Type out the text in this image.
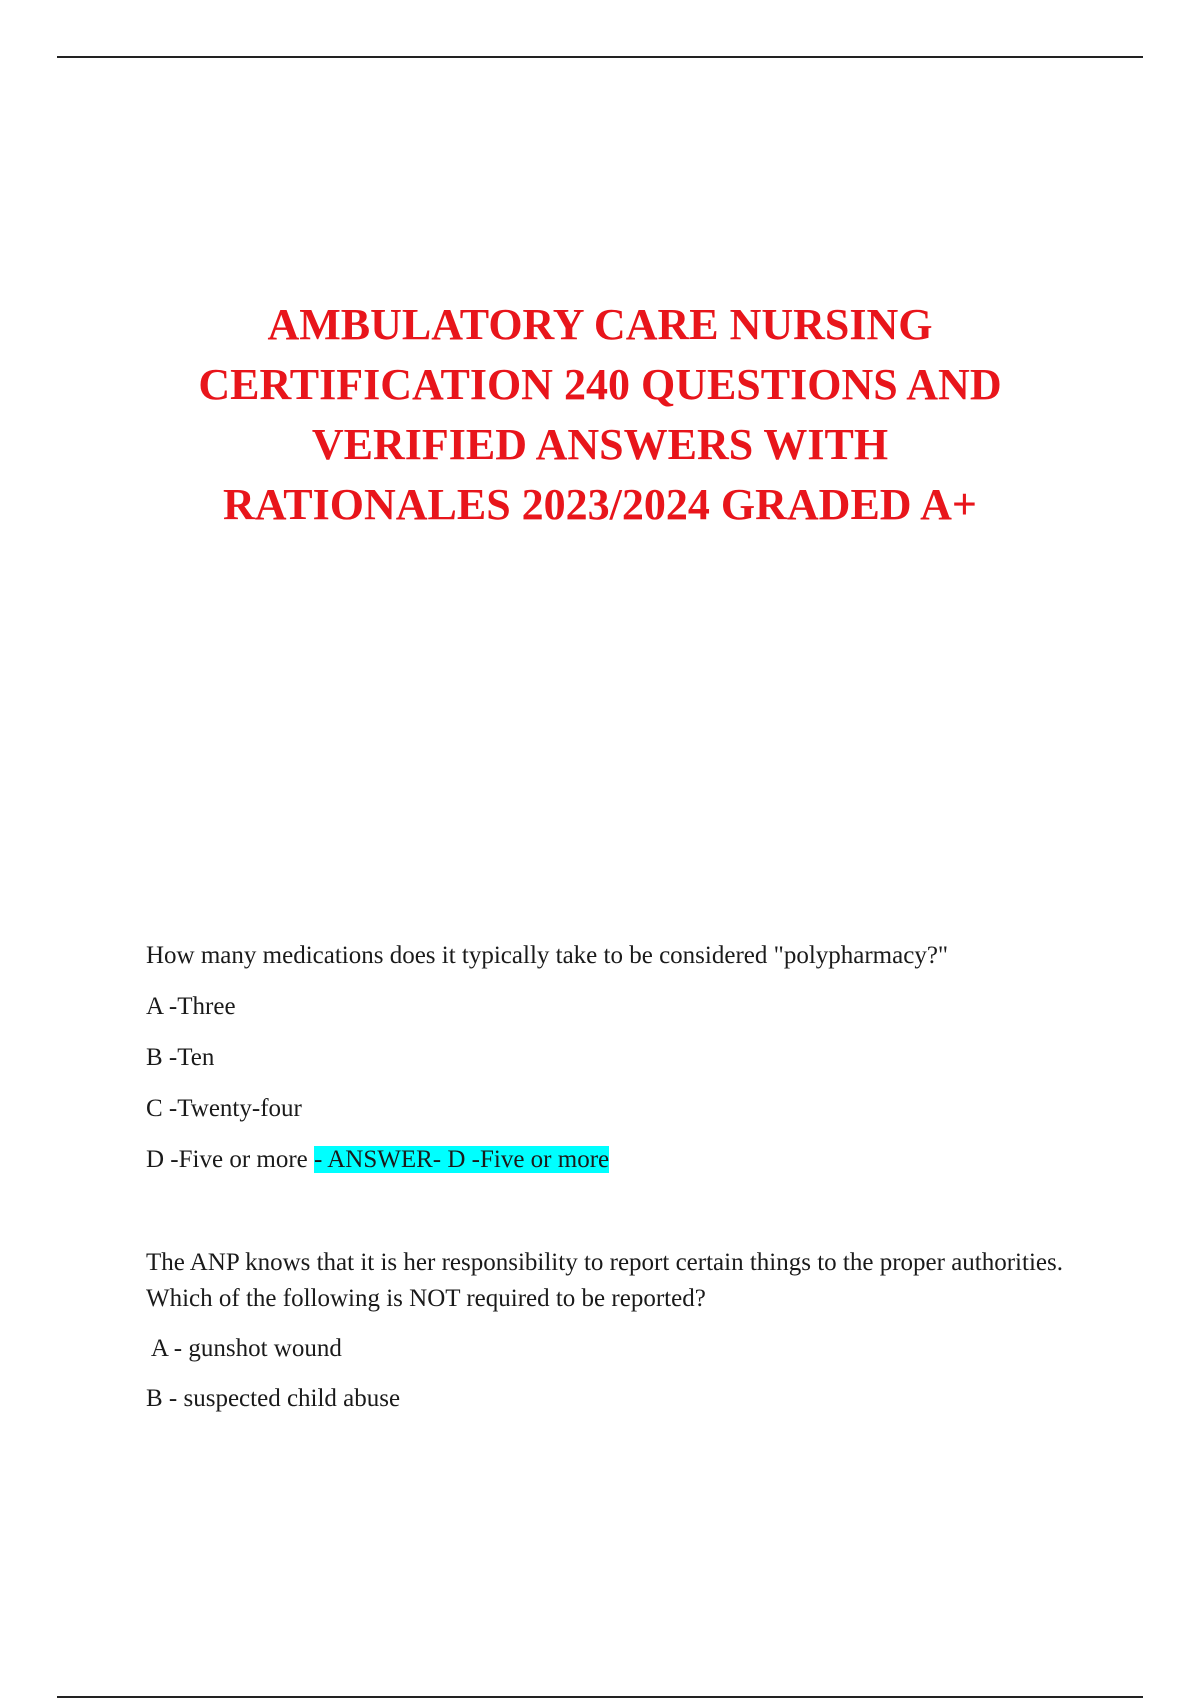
AMBULATORY CARE NURSING
CERTIFICATION 240 QUESTIONS AND
VERIFIED ANSWERS WITH
RATIONALES 2023/2024 GRADED A+

How many medications does it typically take to be considered "polypharmacy?"

A -Three

B -Ten

C -Twenty-four

D -Five or more - ANSWER- D -Five or more

The ANP knows that it is her responsibility to report certain things to the proper authorities. Which of the following is NOT required to be reported?

A - gunshot wound

B - suspected child abuse
